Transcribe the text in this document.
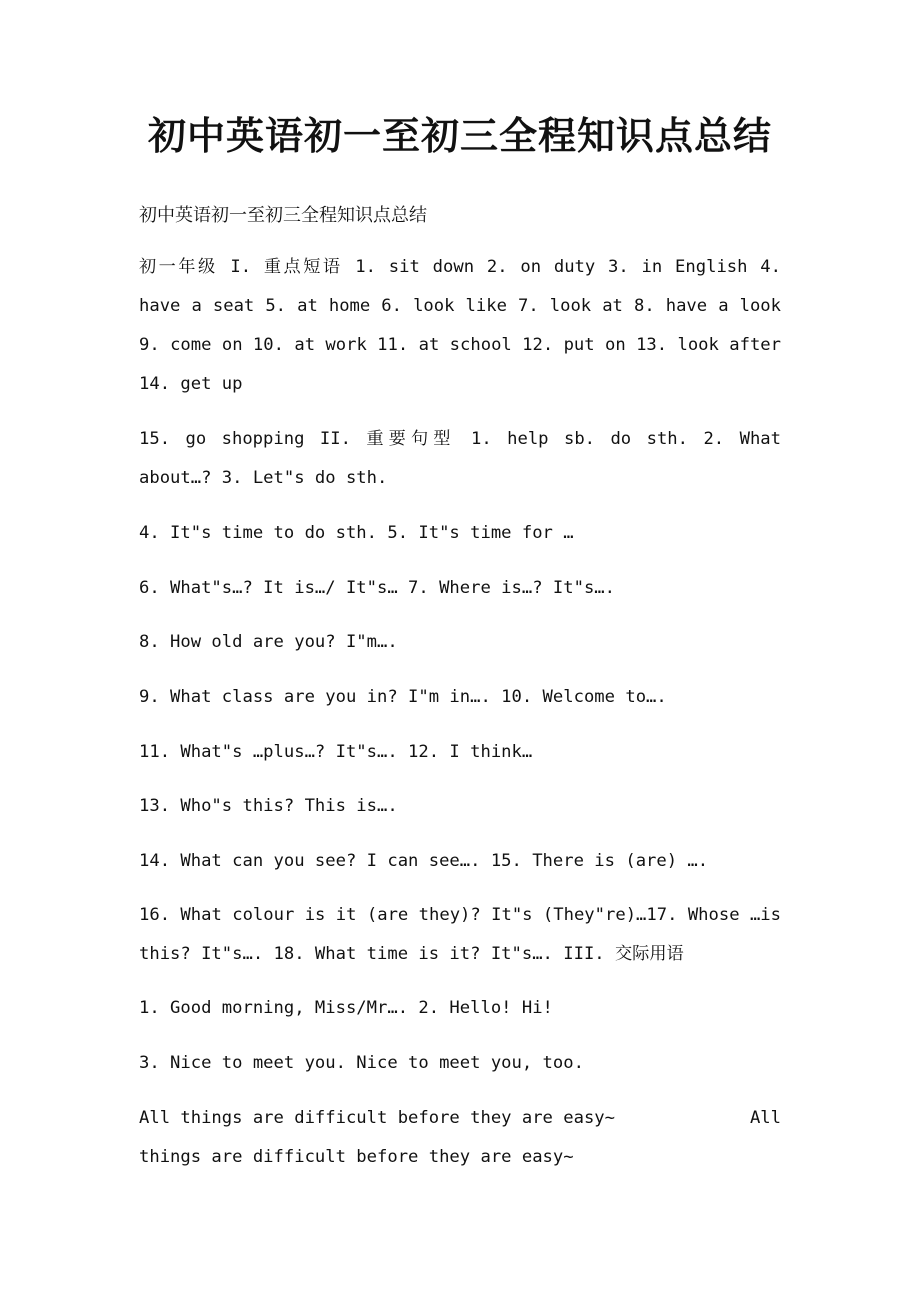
初中英语初一至初三全程知识点总结

初中英语初一至初三全程知识点总结

初一年级 I. 重点短语 1. sit down 2. on duty 3. in English 4. have a seat 5. at home 6. look like 7. look at 8. have a look 9. come on 10. at work 11. at school 12. put on 13. look after 14. get up

15. go shopping II. 重要句型 1. help sb. do sth. 2. What about…? 3. Let"s do sth.

4. It"s time to do sth. 5. It"s time for …

6. What"s…? It is…/ It"s… 7. Where is…? It"s….

8. How old are you? I"m….

9. What class are you in? I"m in…. 10. Welcome to….

11. What"s …plus…? It"s…. 12. I think…

13. Who"s this? This is….

14. What can you see? I can see…. 15. There is (are) ….

16. What colour is it (are they)? It"s (They"re)…17. Whose …is this? It"s…. 18. What time is it? It"s…. III. 交际用语

1. Good morning, Miss/Mr…. 2. Hello! Hi!

3. Nice to meet you. Nice to meet you, too.

All things are difficult before they are easy~	All
things are difficult before they are easy~
